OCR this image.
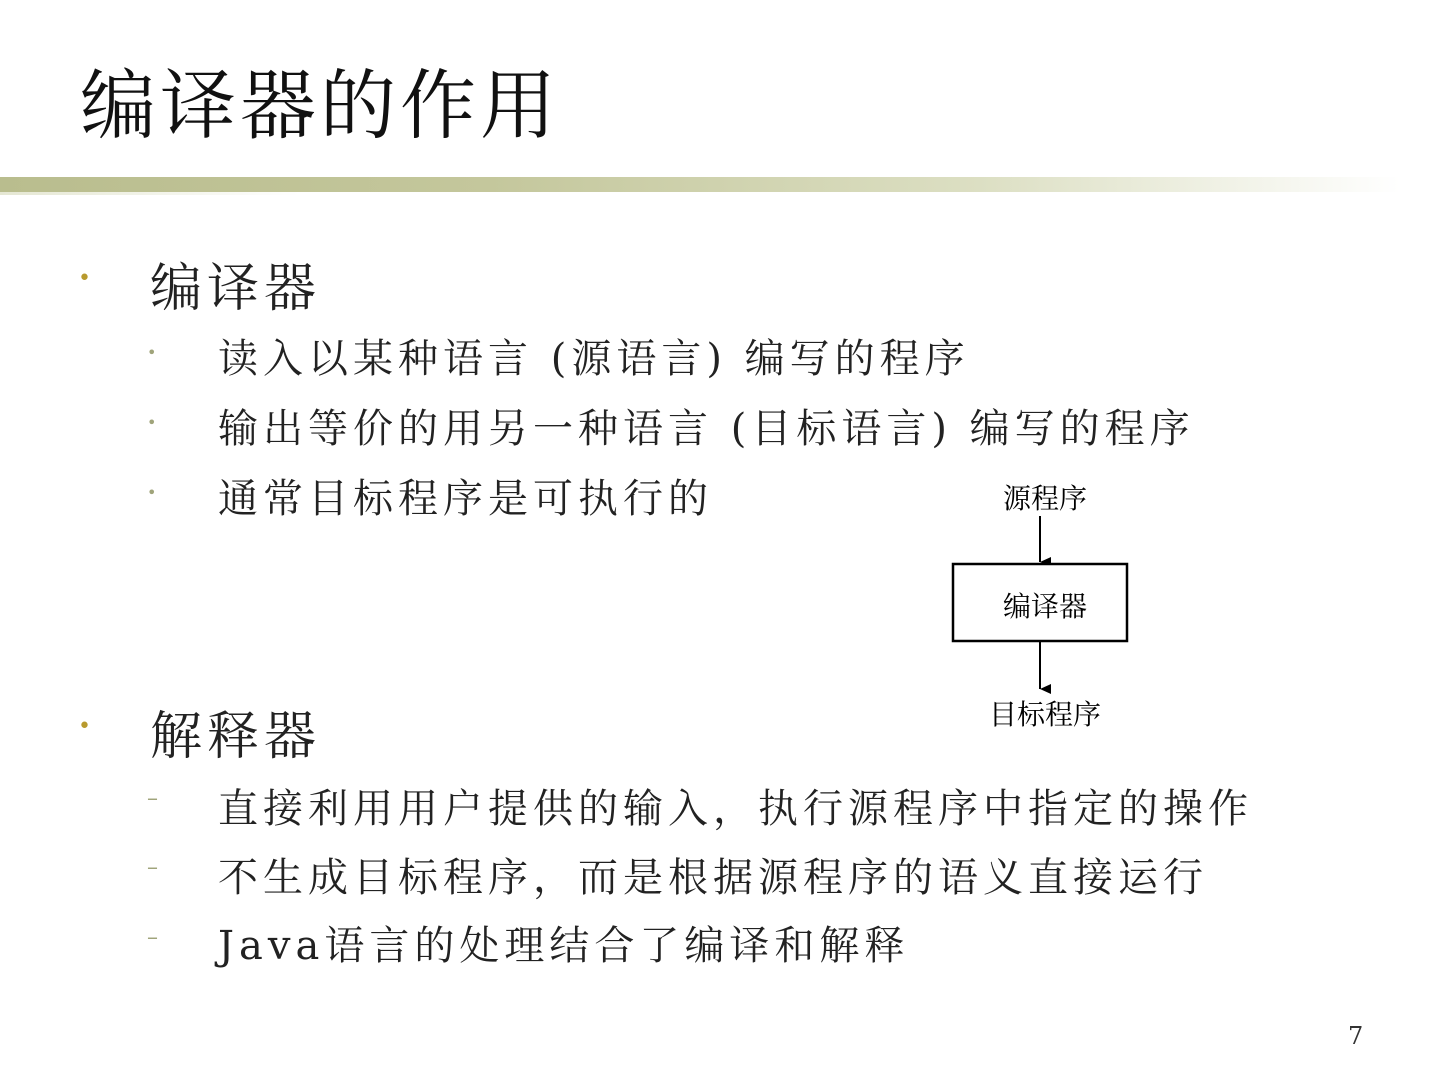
编译器的作用
• 编译器
• 读入以某种语言 (源语言) 编写的程序
• 输出等价的用另一种语言 (目标语言) 编写的程序
• 通常目标程序是可执行的
• 解释器
– 直接利用用户提供的输入，执行源程序中指定的操作
– 不生成目标程序，而是根据源程序的语义直接运行
– Java语言的处理结合了编译和解释
源程序
编译器
目标程序
7
